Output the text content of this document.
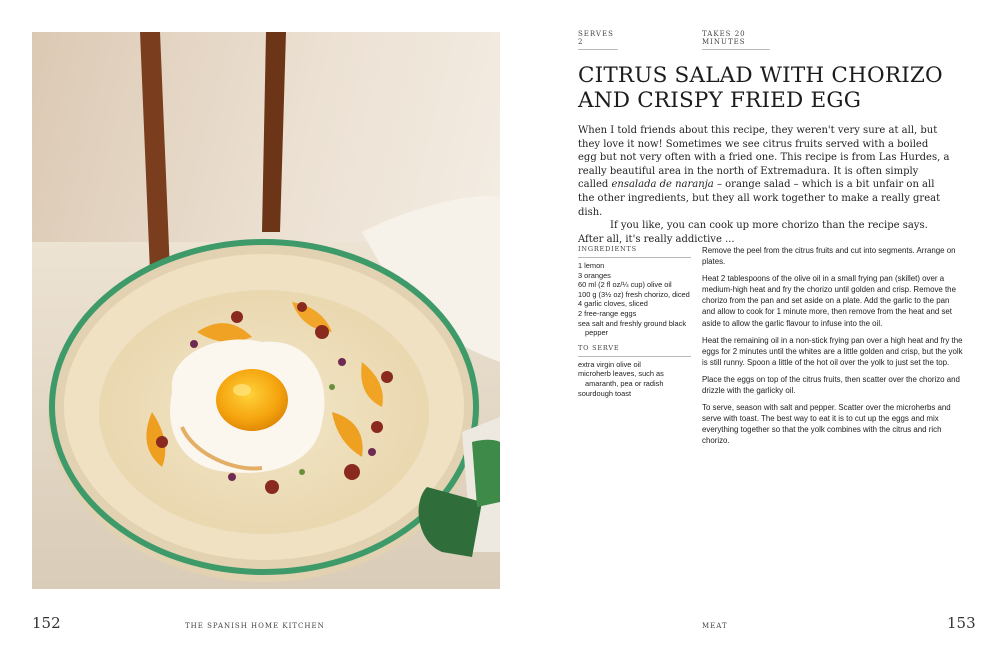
152	THE SPANISH HOME KITCHEN
SERVES 2
TAKES 20 MINUTES
CITRUS SALAD WITH CHORIZO
AND CRISPY FRIED EGG

When I told friends about this recipe, they weren't very sure at all, but they love it now! Sometimes we see citrus fruits served with a boiled egg but not very often with a fried one. This recipe is from Las Hurdes, a really beautiful area in the north of Extremadura. It is often simply called ensalada de naranja – orange salad – which is a bit unfair on all the other ingredients, but they all work together to make a really great dish.

If you like, you can cook up more chorizo than the recipe says. After all, it's really addictive ...

INGREDIENTS
1 lemon
3 oranges
60 ml (2 fl oz/¼ cup) olive oil
100 g (3½ oz) fresh chorizo, diced
4 garlic cloves, sliced
2 free-range eggs
sea salt and freshly ground black pepper
TO SERVE
extra virgin olive oil
microherb leaves, such as amaranth, pea or radish
sourdough toast

Remove the peel from the citrus fruits and cut into segments. Arrange on plates.

Heat 2 tablespoons of the olive oil in a small frying pan (skillet) over a medium-high heat and fry the chorizo until golden and crisp. Remove the chorizo from the pan and set aside on a plate. Add the garlic to the pan and allow to cook for 1 minute more, then remove from the heat and set aside to allow the garlic flavour to infuse into the oil.

Heat the remaining oil in a non-stick frying pan over a high heat and fry the eggs for 2 minutes until the whites are a little golden and crisp, but the yolk is still runny. Spoon a little of the hot oil over the yolk to just set the top.

Place the eggs on top of the citrus fruits, then scatter over the chorizo and drizzle with the garlicky oil.

To serve, season with salt and pepper. Scatter over the microherbs and serve with toast. The best way to eat it is to cut up the eggs and mix everything together so that the yolk combines with the citrus and rich chorizo.

MEAT	153
